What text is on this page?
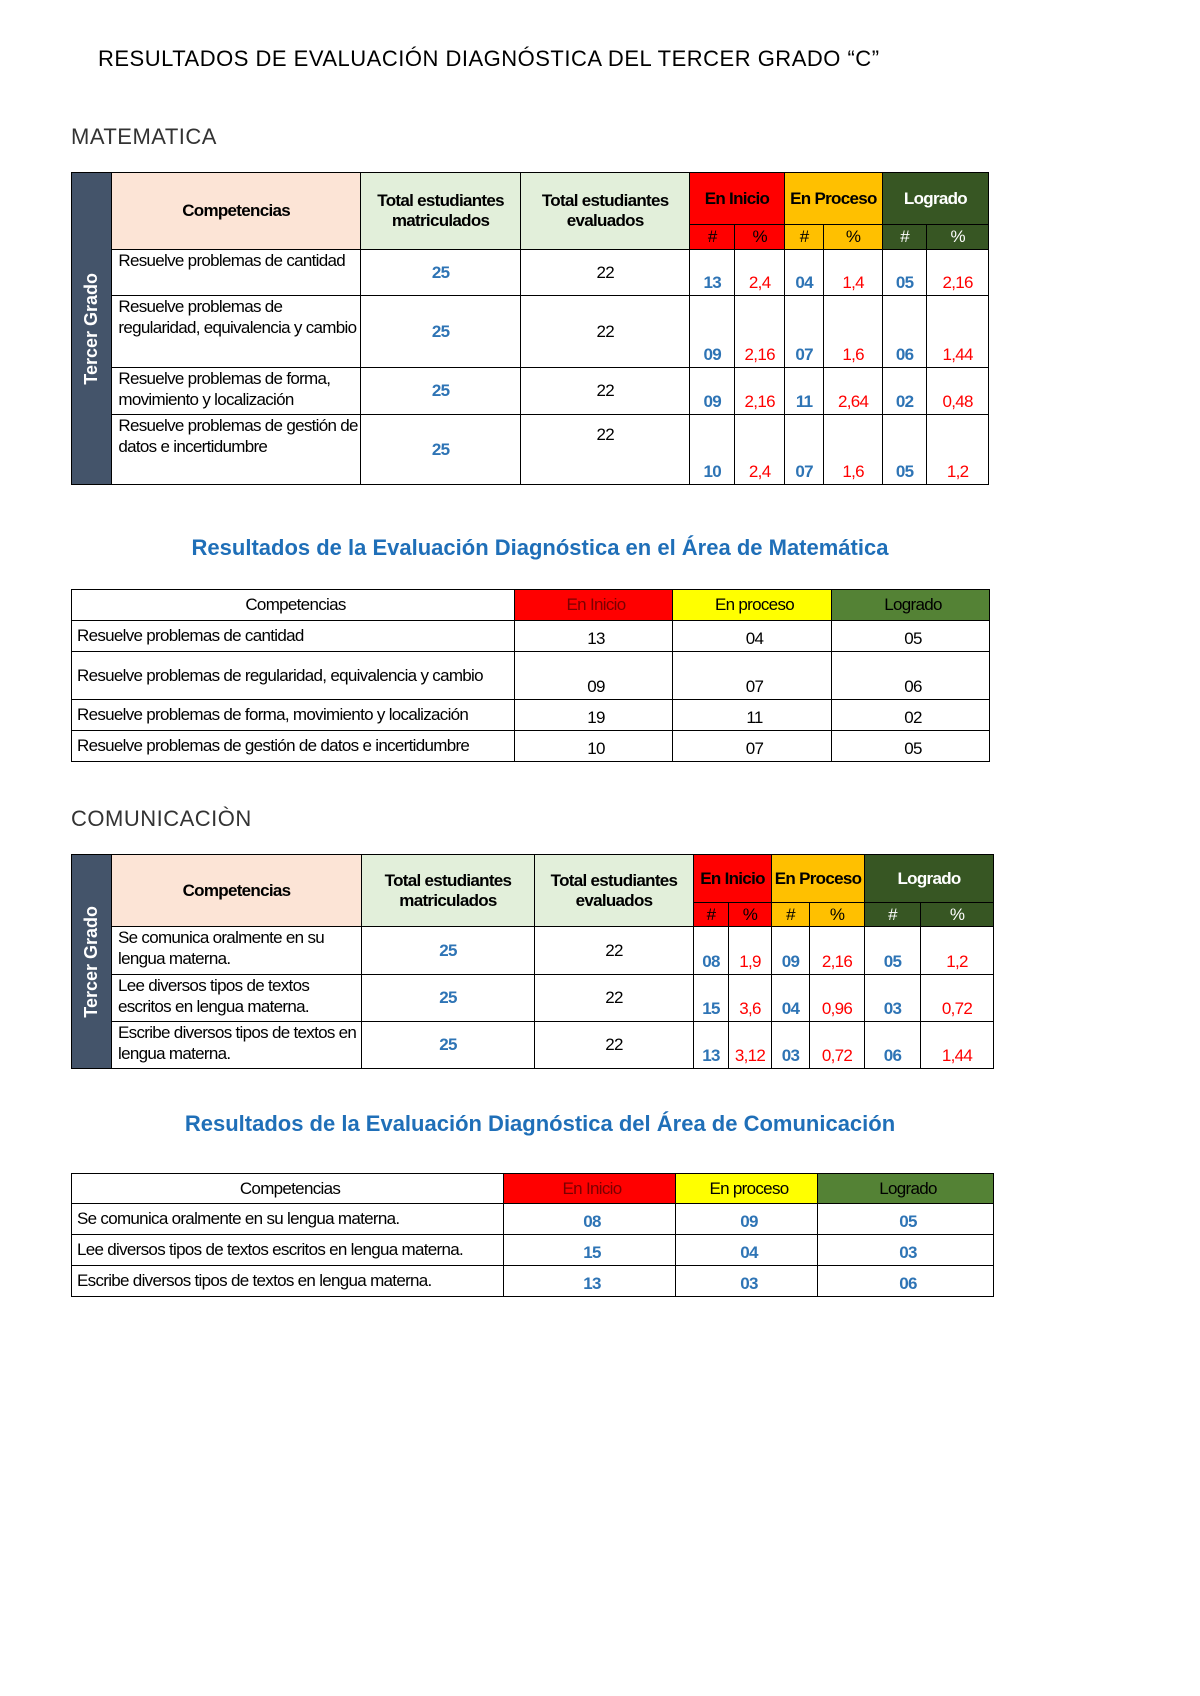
RESULTADOS DE EVALUACIÓN DIAGNÓSTICA DEL TERCER GRADO “C”
MATEMATICA
Tercer Grado	Competencias	Total estudiantes matriculados	Total estudiantes evaluados	En Inicio		En Proceso		Logrado	
				#	%	#	%	#	%
	Resuelve problemas de cantidad	25	22	13	2,4	04	1,4	05	2,16
	Resuelve problemas de regularidad, equivalencia y cambio	25	22	09	2,16	07	1,6	06	1,44
	Resuelve problemas de forma, movimiento y localización	25	22	09	2,16	11	2,64	02	0,48
	Resuelve problemas de gestión de datos e incertidumbre	25	22	10	2,4	07	1,6	05	1,2
Resultados de la Evaluación Diagnóstica en el Área de Matemática
Competencias	En Inicio	En proceso	Logrado
Resuelve problemas de cantidad	13	04	05
Resuelve problemas de regularidad, equivalencia y cambio	09	07	06
Resuelve problemas de forma, movimiento y localización	19	11	02
Resuelve problemas de gestión de datos e incertidumbre	10	07	05
COMUNICACIÒN
Tercer Grado	Competencias	Total estudiantes matriculados	Total estudiantes evaluados	En Inicio		En Proceso		Logrado	
				#	%	#	%	#	%
	Se comunica oralmente en su lengua materna.	25	22	08	1,9	09	2,16	05	1,2
	Lee diversos tipos de textos escritos en lengua materna.	25	22	15	3,6	04	0,96	03	0,72
	Escribe diversos tipos de textos en lengua materna.	25	22	13	3,12	03	0,72	06	1,44
Resultados de la Evaluación Diagnóstica del Área de Comunicación
Competencias	En Inicio	En proceso	Logrado
Se comunica oralmente en su lengua materna.	08	09	05
Lee diversos tipos de textos escritos en lengua materna.	15	04	03
Escribe diversos tipos de textos en lengua materna.	13	03	06
